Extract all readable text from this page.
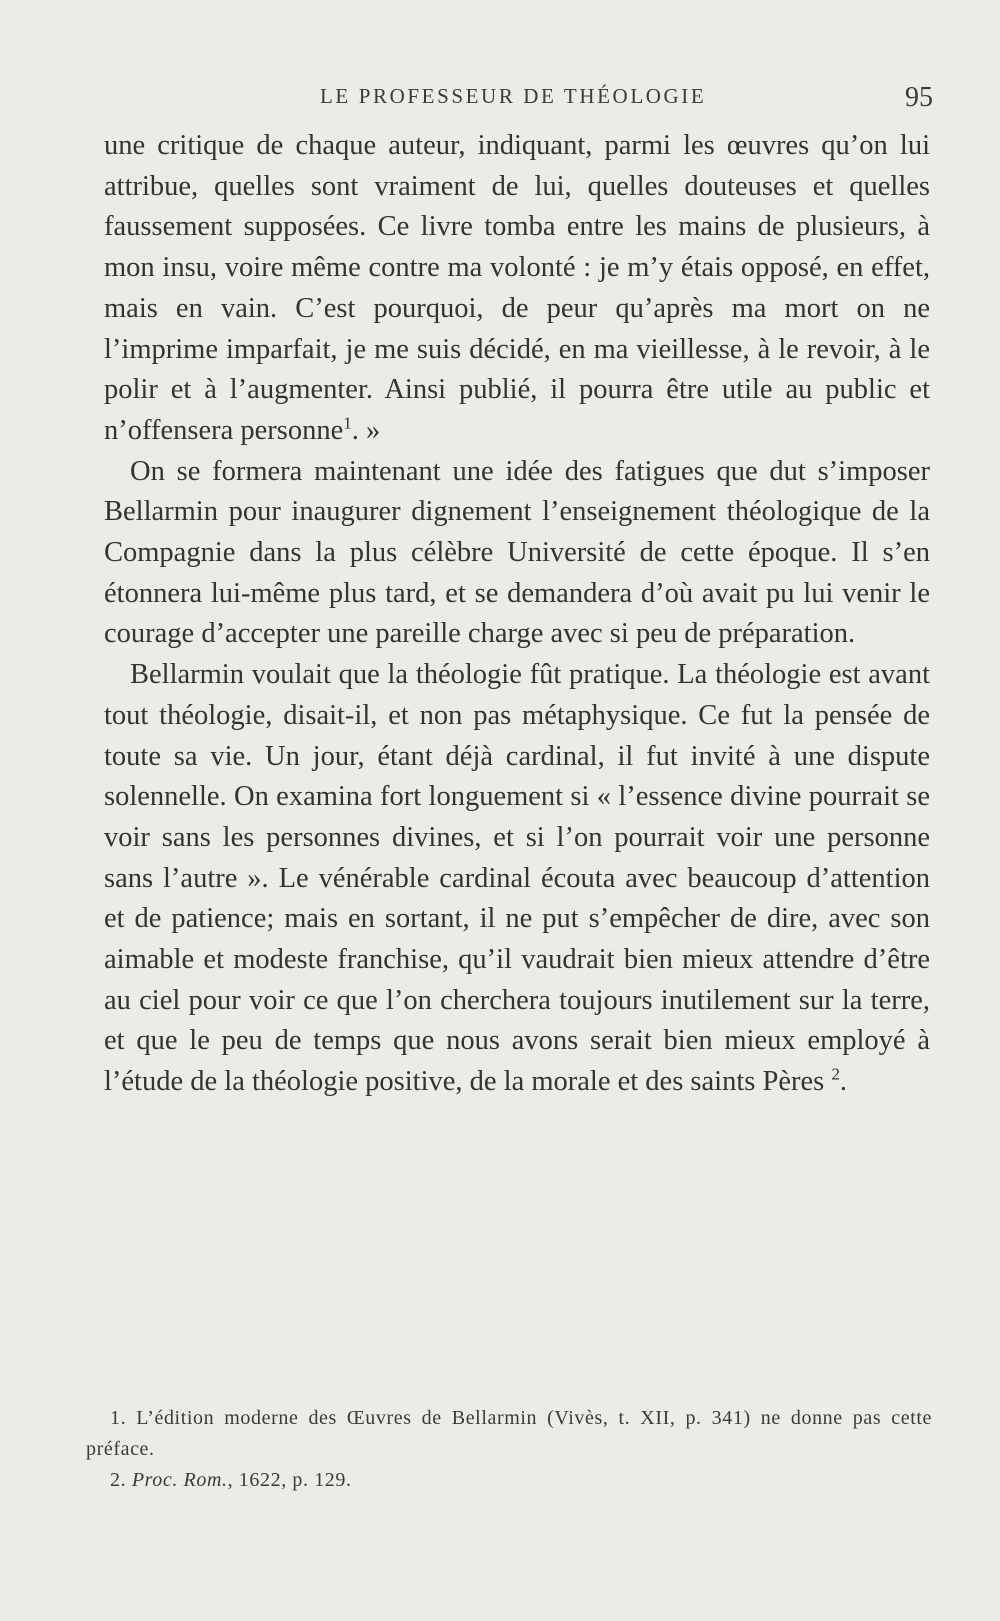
LE PROFESSEUR DE THÉOLOGIE	95

une critique de chaque auteur, indiquant, parmi les œuvres qu’on lui attribue, quelles sont vraiment de lui, quelles douteuses et quelles faussement supposées. Ce livre tomba entre les mains de plusieurs, à mon insu, voire même contre ma volonté : je m’y étais opposé, en effet, mais en vain. C’est pourquoi, de peur qu’après ma mort on ne l’imprime imparfait, je me suis décidé, en ma vieillesse, à le revoir, à le polir et à l’augmenter. Ainsi publié, il pourra être utile au public et n’offensera personne$^1$. »

On se formera maintenant une idée des fatigues que dut s’imposer Bellarmin pour inaugurer dignement l’enseignement théologique de la Compagnie dans la plus célèbre Université de cette époque. Il s’en étonnera lui-même plus tard, et se demandera d’où avait pu lui venir le courage d’accepter une pareille charge avec si peu de préparation.

Bellarmin voulait que la théologie fût pratique. La théologie est avant tout théologie, disait-il, et non pas métaphysique. Ce fut la pensée de toute sa vie. Un jour, étant déjà cardinal, il fut invité à une dispute solennelle. On examina fort longuement si « l’essence divine pourrait se voir sans les personnes divines, et si l’on pourrait voir une personne sans l’autre ». Le vénérable cardinal écouta avec beaucoup d’attention et de patience; mais en sortant, il ne put s’empêcher de dire, avec son aimable et modeste franchise, qu’il vaudrait bien mieux attendre d’être au ciel pour voir ce que l’on cherchera toujours inutilement sur la terre, et que le peu de temps que nous avons serait bien mieux employé à l’étude de la théologie positive, de la morale et des saints Pères $^2$.

1. L’édition moderne des Œuvres de Bellarmin (Vivès, t. XII, p. 341) ne donne pas cette préface.

2. Proc. Rom., 1622, p. 129.
